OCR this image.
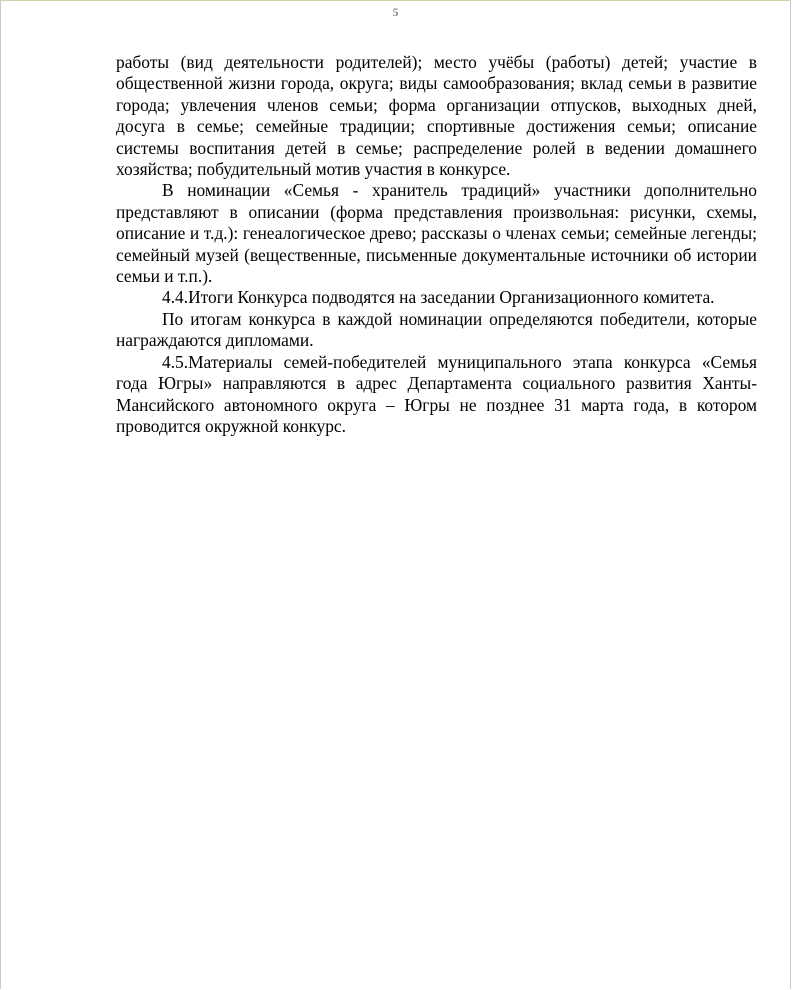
5

работы (вид деятельности родителей); место учёбы (работы) детей; участие в общественной жизни города, округа; виды самообразования; вклад семьи в развитие города; увлечения членов семьи; форма организации отпусков, выходных дней, досуга в семье; семейные традиции; спортивные достижения семьи; описание системы воспитания детей в семье; распределение ролей в ведении домашнего хозяйства; побудительный мотив участия в конкурсе.

В номинации «Семья - хранитель традиций» участники дополнительно представляют в описании (форма представления произвольная: рисунки, схемы, описание и т.д.): генеалогическое древо; рассказы о членах семьи; семейные легенды; семейный музей (вещественные, письменные документальные источники об истории семьи и т.п.).

4.4.Итоги Конкурса подводятся на заседании Организационного комитета.

По итогам конкурса в каждой номинации определяются победители, которые награждаются дипломами.

4.5.Материалы семей-победителей муниципального этапа конкурса «Семья года Югры» направляются в адрес Департамента социального развития Ханты-Мансийского автономного округа – Югры не позднее 31 марта года, в котором проводится окружной конкурс.
